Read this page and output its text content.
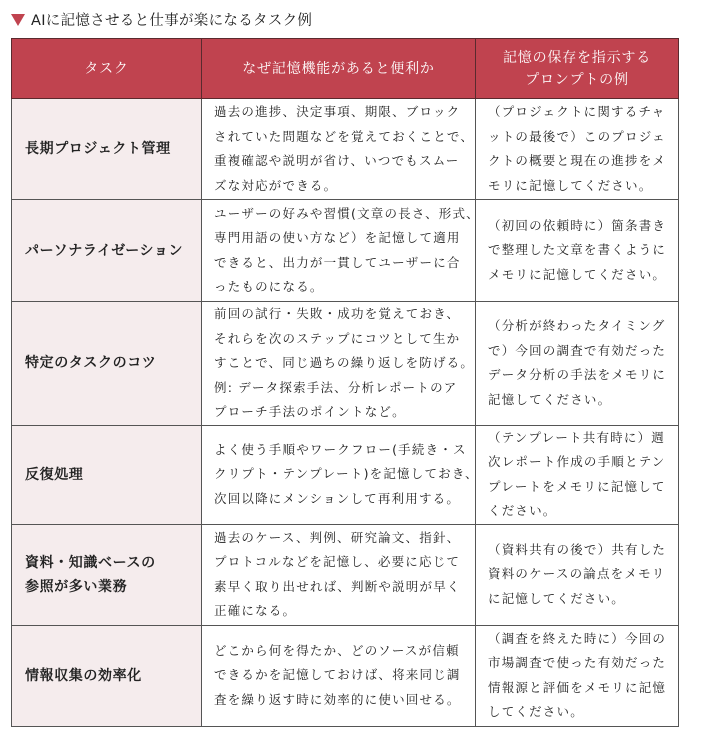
AIに記憶させると仕事が楽になるタスク例
タスク	なぜ記憶機能があると便利か	記憶の保存を指示する
プロンプトの例

長期プロジェクト管理	過去の進捗、決定事項、期限、ブロック
されていた問題などを覚えておくことで、
重複確認や説明が省け、いつでもスムー
ズな対応ができる。	（プロジェクトに関するチャ
ットの最後で）このプロジェ
クトの概要と現在の進捗をメ
モリに記憶してください。

パーソナライゼーション	ユーザーの好みや習慣(文章の長さ、形式、
専門用語の使い方など）を記憶して適用
できると、出力が一貫してユーザーに合
ったものになる。	（初回の依頼時に）箇条書き
で整理した文章を書くように
メモリに記憶してください。

特定のタスクのコツ	前回の試行・失敗・成功を覚えておき、
それらを次のステップにコツとして生か
すことで、同じ過ちの繰り返しを防げる。
例: データ探索手法、分析レポートのア
プローチ手法のポイントなど。	（分析が終わったタイミング
で）今回の調査で有効だった
データ分析の手法をメモリに
記憶してください。

反復処理	よく使う手順やワークフロー(手続き・ス
クリプト・テンプレート)を記憶しておき、
次回以降にメンションして再利用する。	（テンプレート共有時に）週
次レポート作成の手順とテン
プレートをメモリに記憶して
ください。

資料・知識ベースの
参照が多い業務	過去のケース、判例、研究論文、指針、
プロトコルなどを記憶し、必要に応じて
素早く取り出せれば、判断や説明が早く
正確になる。	（資料共有の後で）共有した
資料のケースの論点をメモリ
に記憶してください。

情報収集の効率化	どこから何を得たか、どのソースが信頼
できるかを記憶しておけば、将来同じ調
査を繰り返す時に効率的に使い回せる。	（調査を終えた時に）今回の
市場調査で使った有効だった
情報源と評価をメモリに記憶
してください。
